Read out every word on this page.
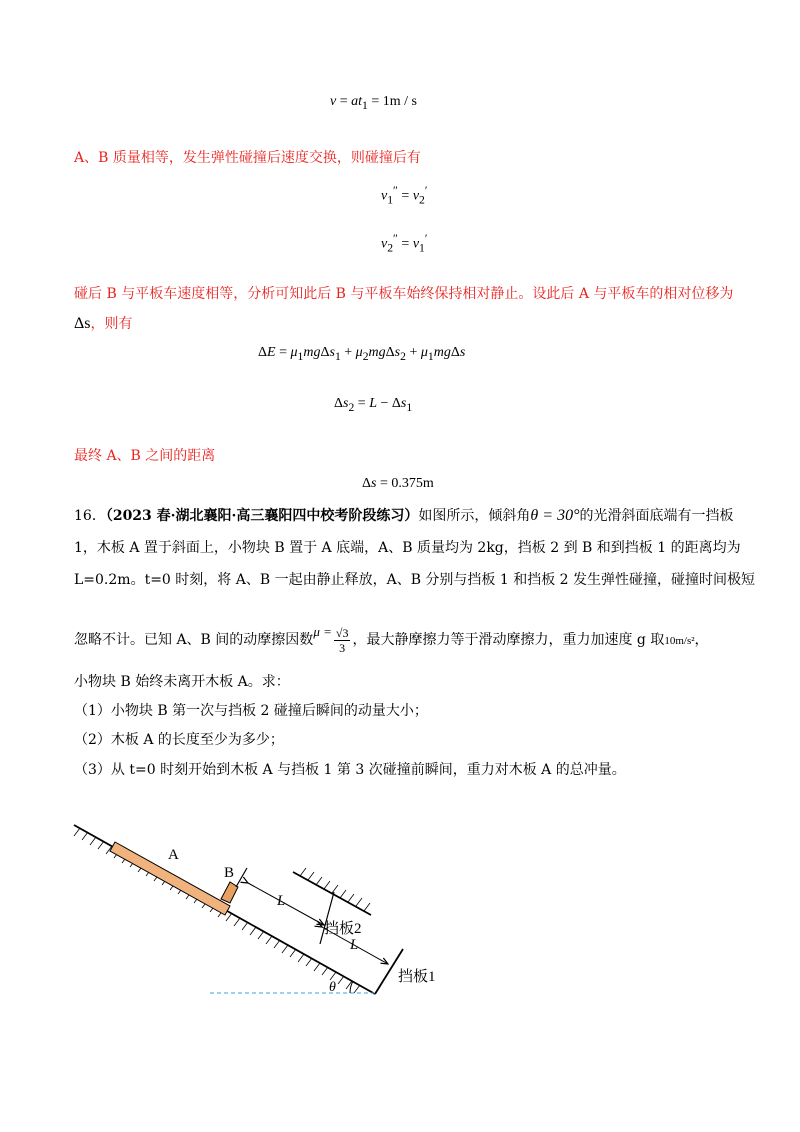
$v = at_1 = 1m / s$
A、B 质量相等，发生弹性碰撞后速度交换，则碰撞后有
$v_1'' = v_2'$
$v_2'' = v_1'$
碰后 B 与平板车速度相等，分析可知此后 B 与平板车始终保持相对静止。设此后 A 与平板车的相对位移为
Δs，则有
$\Delta E = \mu_1mg\Delta s_1 + \mu_2mg\Delta s_2 + \mu_1mg\Delta s$
$\Delta s_2 = L - \Delta s_1$
最终 A、B 之间的距离
Δs = 0.375m
16．（2023 春·湖北襄阳·高三襄阳四中校考阶段练习）如图所示，倾斜角θ = 30°的光滑斜面底端有一挡板
1，木板 A 置于斜面上，小物块 B 置于 A 底端，A、B 质量均为 2kg，挡板 2 到 B 和到挡板 1 的距离均为
L=0.2m。t=0 时刻，将 A、B 一起由静止释放，A、B 分别与挡板 1 和挡板 2 发生弹性碰撞，碰撞时间极短
忽略不计。已知 A、B 间的动摩擦因数$\mu = \frac{√3}{3}$ ，最大静摩擦力等于滑动摩擦力，重力加速度 g 取10m/s²，
小物块 B 始终未离开木板 A。求：
（1）小物块 B 第一次与挡板 2 碰撞后瞬间的动量大小；
（2）木板 A 的长度至少为多少；
（3）从 t=0 时刻开始到木板 A 与挡板 1 第 3 次碰撞前瞬间，重力对木板 A 的总冲量。
A
B
L
L
挡板2
挡板1
θ
